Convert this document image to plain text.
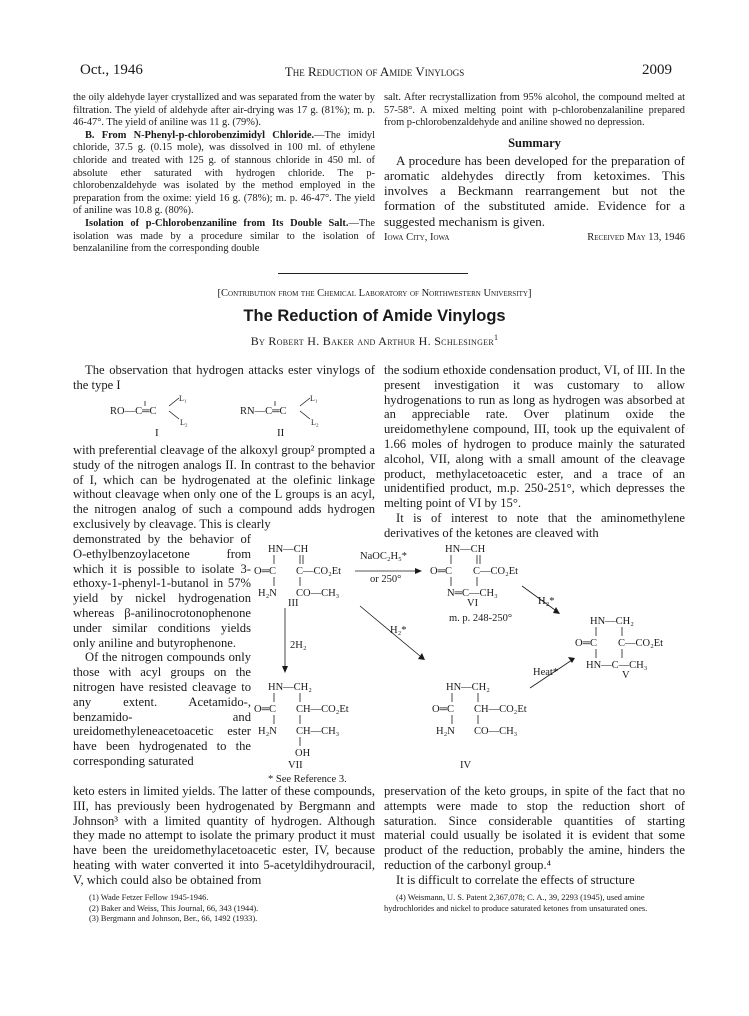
Oct., 1946	The Reduction of Amide Vinylogs	2009

the oily aldehyde layer crystallized and was separated from the water by filtration. The yield of aldehyde after air-drying was 17 g. (81%); m. p. 46-47°. The yield of aniline was 11 g. (79%).

B. From N-Phenyl-p-chlorobenzimidyl Chloride.—The imidyl chloride, 37.5 g. (0.15 mole), was dissolved in 100 ml. of ethylene chloride and treated with 125 g. of stannous chloride in 450 ml. of absolute ether saturated with hydrogen chloride. The p-chlorobenzaldehyde was isolated by the method employed in the preparation from the oxime: yield 16 g. (78%); m. p. 46-47°. The yield of aniline was 10.8 g. (80%).

Isolation of p-Chlorobenzaniline from Its Double Salt.—The isolation was made by a procedure similar to the isolation of benzalaniline from the corresponding double

salt. After recrystallization from 95% alcohol, the compound melted at 57-58°. A mixed melting point with p-chlorobenzalaniline prepared from p-chlorobenzaldehyde and aniline showed no depression.

Summary

A procedure has been developed for the preparation of aromatic aldehydes directly from ketoximes. This involves a Beckmann rearrangement but not the formation of the substituted amide. Evidence for a suggested mechanism is given.

Iowa City, Iowa	Received May 13, 1946
[Contribution from the Chemical Laboratory of Northwestern University]
The Reduction of Amide Vinylogs
By Robert H. Baker and Arthur H. Schlesinger$^1$

The observation that hydrogen attacks ester vinylogs of the type I

RO—C═C
L₁
L₂
RN—C═C
L₁
L₂
I	II

with preferential cleavage of the alkoxyl group² prompted a study of the nitrogen analogs II. In contrast to the behavior of I, which can be hydrogenated at the olefinic linkage without cleavage when only one of the L groups is an acyl, the nitrogen analog of such a compound adds hydrogen exclusively by cleavage. This is clearly

demonstrated by the behavior of O-ethylbenzoylacetone from which it is possible to isolate 3-ethoxy-1-phenyl-1-butanol in 57% yield by nickel hydrogenation whereas β-anilinocrotonophenone under similar conditions yields only aniline and butyrophenone.

Of the nitrogen compounds only those with acyl groups on the nitrogen have resisted cleavage to any extent. Acetamido-, benzamido- and ureidomethyleneacetoacetic ester have been hydrogenated to the corresponding saturated

keto esters in limited yields. The latter of these compounds, III, has previously been hydrogenated by Bergmann and Johnson³ with a limited quantity of hydrogen. Although they made no attempt to isolate the primary product it must have been the ureidomethylacetoacetic ester, IV, because heating with water converted it into 5-acetyldihydrouracil, V, which could also be obtained from

the sodium ethoxide condensation product, VI, of III. In the present investigation it was customary to allow hydrogenations to run as long as hydrogen was absorbed at an appreciable rate. Over platinum oxide the ureidomethylene compound, III, took up the equivalent of 1.66 moles of hydrogen to produce mainly the saturated alcohol, VII, along with a small amount of the cleavage product, methylacetoacetic ester, and a trace of an unidentified product, m.p. 250-251°, which depresses the melting point of VI by 15°.

It is of interest to note that the aminomethylene derivatives of the ketones are cleaved with

preservation of the keto groups, in spite of the fact that no attempts were made to stop the reduction short of saturation. Since considerable quantities of starting material could usually be isolated it is evident that some product of the reduction, probably the amine, hinders the reduction of the carbonyl group.⁴

It is difficult to correlate the effects of structure

HN—CH
O═C C—CO₂Et
H₂N CO—CH₃
HN—CH
O═C C—CO₂Et
N═C—CH₃
HN—CH₂
O═C C—CO₂Et
HN—C—CH₃
HN—CH₂
O═C CH—CO₂Et
H₂N CH—CH₃
OH
HN—CH₂
O═C CH—CO₂Et
H₂N CO—CH₃
III	VI
m. p. 248-250°
NaOC₂H₅*
or 250°
H₂*
H₂*
2H₂
Heat*	V
VII	IV
* See Reference 3.

(1) Wade Fetzer Fellow 1945-1946.

(2) Baker and Weiss, This Journal, 66, 343 (1944).

(3) Bergmann and Johnson, Ber., 66, 1492 (1933).

(4) Weismann, U. S. Patent 2,367,078; C. A., 39, 2293 (1945), used amine hydrochlorides and nickel to produce saturated ketones from unsaturated ones.
